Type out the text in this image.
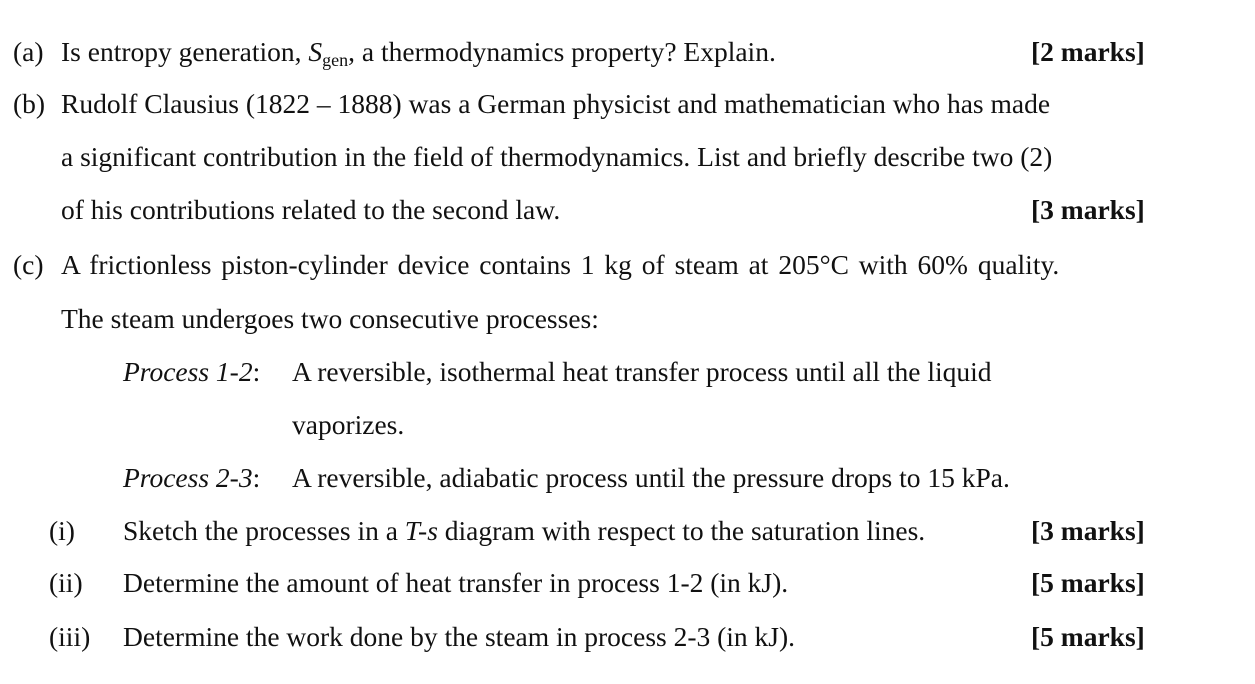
(a) Is entropy generation, $S_{gen}$, a thermodynamics property? Explain.	[2 marks]
(b) Rudolf Clausius (1822 – 1888) was a German physicist and mathematician who has made
a significant contribution in the field of thermodynamics. List and briefly describe two (2)
of his contributions related to the second law.	[3 marks]
(c) A frictionless piston-cylinder device contains 1 kg of steam at 205°C with 60% quality.
The steam undergoes two consecutive processes:
Process 1-2: A reversible, isothermal heat transfer process until all the liquid
vaporizes.
Process 2-3: A reversible, adiabatic process until the pressure drops to 15 kPa.
(i) Sketch the processes in a T-s diagram with respect to the saturation lines.	[3 marks]
(ii) Determine the amount of heat transfer in process 1-2 (in kJ).	[5 marks]
(iii) Determine the work done by the steam in process 2-3 (in kJ).	[5 marks]
